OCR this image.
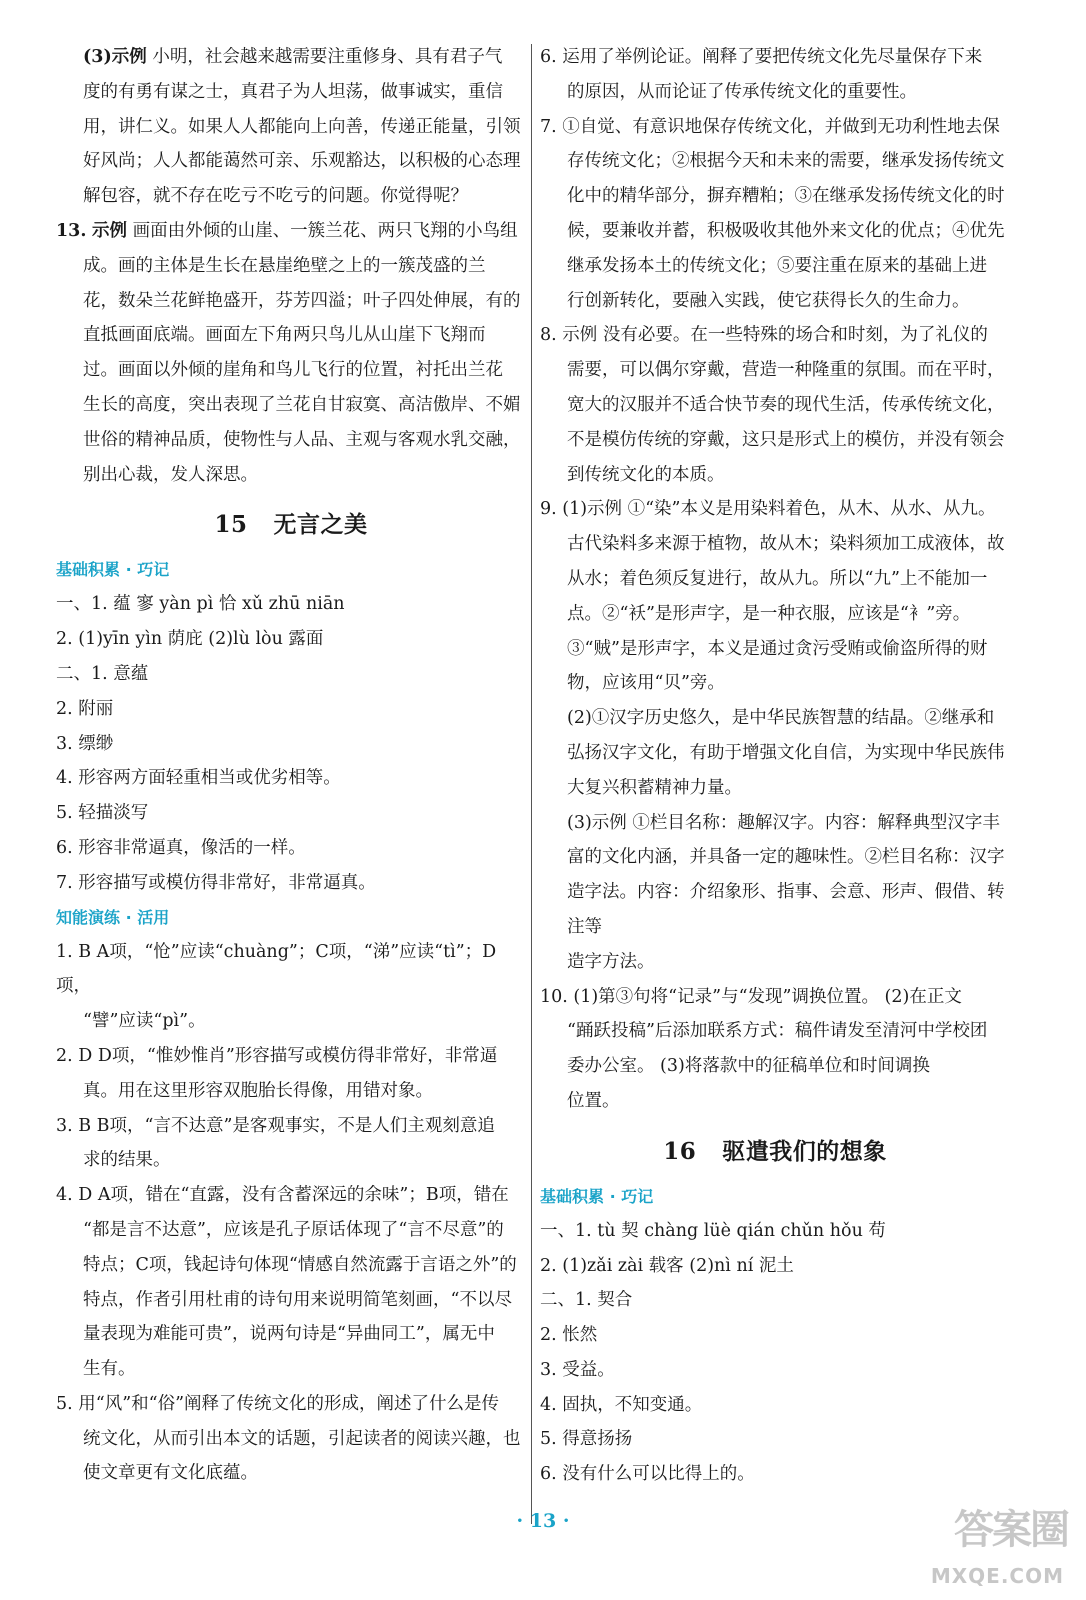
(3)示例 小明，社会越来越需要注重修身、具有君子气

度的有勇有谋之士，真君子为人坦荡，做事诚实，重信

用，讲仁义。如果人人都能向上向善，传递正能量，引领

好风尚；人人都能蔼然可亲、乐观豁达，以积极的心态理

解包容，就不存在吃亏不吃亏的问题。你觉得呢？

13. 示例 画面由外倾的山崖、一簇兰花、两只飞翔的小鸟组

成。画的主体是生长在悬崖绝壁之上的一簇茂盛的兰

花，数朵兰花鲜艳盛开，芬芳四溢；叶子四处伸展，有的

直抵画面底端。画面左下角两只鸟儿从山崖下飞翔而

过。画面以外倾的崖角和鸟儿飞行的位置，衬托出兰花

生长的高度，突出表现了兰花自甘寂寞、高洁傲岸、不媚

世俗的精神品质，使物性与人品、主观与客观水乳交融，

别出心裁，发人深思。

15 无言之美

基础积累 · 巧记

一、1. 蕴 寥 yàn pì 恰 xǔ zhū niān

2. (1)yīn yìn 荫庇 (2)lù lòu 露面

二、1. 意蕴

2. 附丽

3. 缥缈

4. 形容两方面轻重相当或优劣相等。

5. 轻描淡写

6. 形容非常逼真，像活的一样。

7. 形容描写或模仿得非常好，非常逼真。

知能演练 · 活用

1. B A项，“怆”应读“chuàng”；C项，“涕”应读“tì”；D项，

“譬”应读“pì”。

2. D D项，“惟妙惟肖”形容描写或模仿得非常好，非常逼

真。用在这里形容双胞胎长得像，用错对象。

3. B B项，“言不达意”是客观事实，不是人们主观刻意追

求的结果。

4. D A项，错在“直露，没有含蓄深远的余味”；B项，错在

“都是言不达意”，应该是孔子原话体现了“言不尽意”的

特点；C项，钱起诗句体现“情感自然流露于言语之外”的

特点，作者引用杜甫的诗句用来说明简笔刻画，“不以尽

量表现为难能可贵”，说两句诗是“异曲同工”，属无中

生有。

5. 用“风”和“俗”阐释了传统文化的形成，阐述了什么是传

统文化，从而引出本文的话题，引起读者的阅读兴趣，也

使文章更有文化底蕴。

6. 运用了举例论证。阐释了要把传统文化先尽量保存下来

的原因，从而论证了传承传统文化的重要性。

7. ①自觉、有意识地保存传统文化，并做到无功利性地去保

存传统文化；②根据今天和未来的需要，继承发扬传统文

化中的精华部分，摒弃糟粕；③在继承发扬传统文化的时

候，要兼收并蓄，积极吸收其他外来文化的优点；④优先

继承发扬本土的传统文化；⑤要注重在原来的基础上进

行创新转化，要融入实践，使它获得长久的生命力。

8. 示例 没有必要。在一些特殊的场合和时刻，为了礼仪的

需要，可以偶尔穿戴，营造一种隆重的氛围。而在平时，

宽大的汉服并不适合快节奏的现代生活，传承传统文化，

不是模仿传统的穿戴，这只是形式上的模仿，并没有领会

到传统文化的本质。

9. (1)示例 ①“染”本义是用染料着色，从木、从水、从九。

古代染料多来源于植物，故从木；染料须加工成液体，故

从水；着色须反复进行，故从九。所以“九”上不能加一

点。②“袄”是形声字，是一种衣服，应该是“衤”旁。

③“贼”是形声字，本义是通过贪污受贿或偷盗所得的财

物，应该用“贝”旁。

(2)①汉字历史悠久，是中华民族智慧的结晶。②继承和

弘扬汉字文化，有助于增强文化自信，为实现中华民族伟

大复兴积蓄精神力量。

(3)示例 ①栏目名称：趣解汉字。内容：解释典型汉字丰

富的文化内涵，并具备一定的趣味性。②栏目名称：汉字

造字法。内容：介绍象形、指事、会意、形声、假借、转注等

造字方法。

10. (1)第③句将“记录”与“发现”调换位置。 (2)在正文

“踊跃投稿”后添加联系方式：稿件请发至清河中学校团

委办公室。 (3)将落款中的征稿单位和时间调换

位置。

16 驱遣我们的想象

基础积累 · 巧记

一、1. tù 契 chàng lüè qián chǔn hǒu 苟

2. (1)zǎi zài 载客 (2)nì ní 泥土

二、1. 契合

2. 怅然

3. 受益。

4. 固执，不知变通。

5. 得意扬扬

6. 没有什么可以比得上的。

· 13 ·	答案圈
MXQE.COM
